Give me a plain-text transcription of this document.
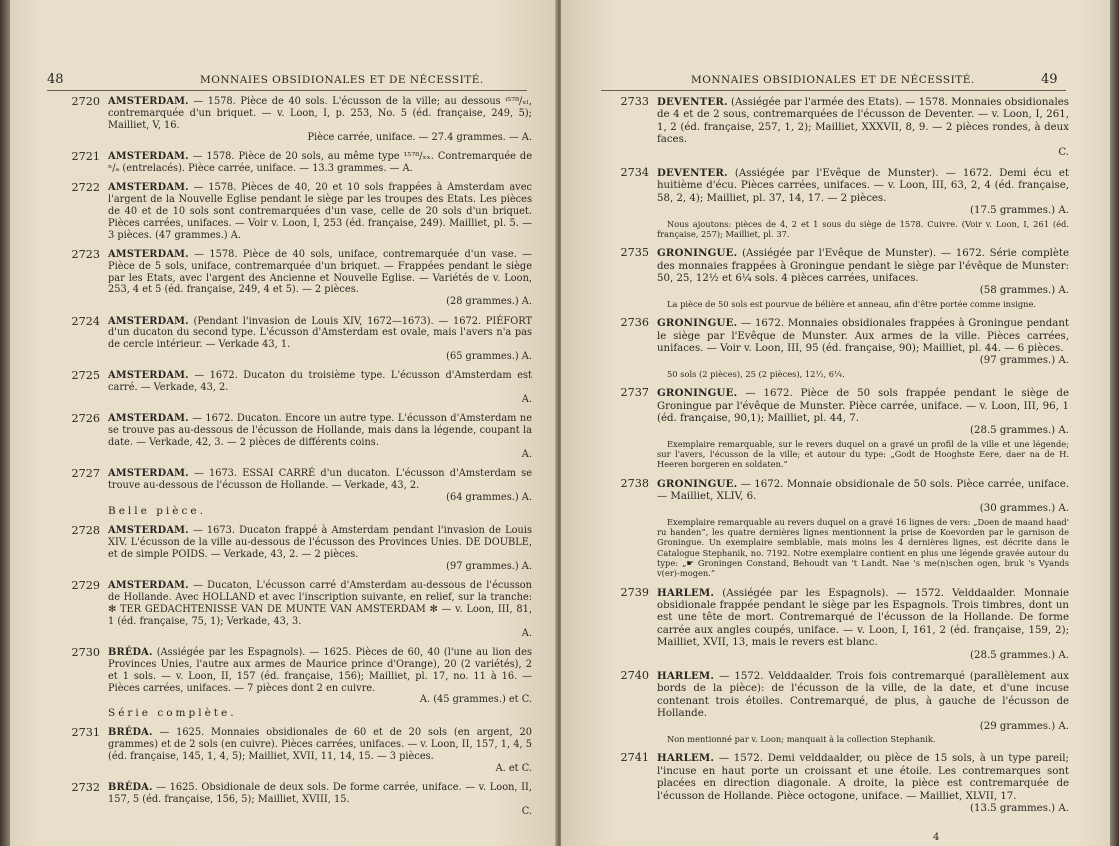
48	MONNAIES OBSIDIONALES ET DE NÉCESSITÉ.
2720 AMSTERDAM. — 1578. Pièce de 40 sols. L'écusson de la ville; au dessous ⁱ⁵⁷⁸/ₓₗ, contremarquée d'un briquet. — v. Loon, I, p. 253, No. 5 (éd. française, 249, 5); Mailliet, V, 16.
Pièce carrée, uniface. — 27.4 grammes. — A.
2721 AMSTERDAM. — 1578. Pièce de 20 sols, au même type ¹⁵⁷⁸/ₓₓ. Contremarquée de ⁿ/ₐ (entrelacés). Pièce carrée, uniface. — 13.3 grammes. — A.
2722 AMSTERDAM. — 1578. Pièces de 40, 20 et 10 sols frappées à Amsterdam avec l'argent de la Nouvelle Eglise pendant le siège par les troupes des Etats. Les pièces de 40 et de 10 sols sont contremarquées d'un vase, celle de 20 sols d'un briquet. Pièces carrées, unifaces. — Voir v. Loon, I, 253 (éd. française, 249). Mailliet, pl. 5. — 3 pièces. (47 grammes.) A.
2723 AMSTERDAM. — 1578. Pièce de 40 sols, uniface, contremarquée d'un vase. — Pièce de 5 sols, uniface, contremarquée d'un briquet. — Frappées pendant le siège par les Etats, avec l'argent des Ancienne et Nouvelle Eglise. — Variétés de v. Loon, 253, 4 et 5 (éd. française, 249, 4 et 5). — 2 pièces.
(28 grammes.) A.
2724 AMSTERDAM. (Pendant l'invasion de Louis XIV, 1672—1673). — 1672. PIÉFORT d'un ducaton du second type. L'écusson d'Amsterdam est ovale, mais l'avers n'a pas de cercle intérieur. — Verkade 43, 1.
(65 grammes.) A.
2725 AMSTERDAM. — 1672. Ducaton du troisième type. L'écusson d'Amsterdam est carré. — Verkade, 43, 2.
A.
2726 AMSTERDAM. — 1672. Ducaton. Encore un autre type. L'écusson d'Amsterdam ne se trouve pas au-dessous de l'écusson de Hollande, mais dans la légende, coupant la date. — Verkade, 42, 3. — 2 pièces de différents coins.
A.
2727 AMSTERDAM. — 1673. ESSAI CARRÉ d'un ducaton. L'écusson d'Amsterdam se trouve au-dessous de l'écusson de Hollande. — Verkade, 43, 2.
(64 grammes.) A.
Belle pièce.
2728 AMSTERDAM. — 1673. Ducaton frappé à Amsterdam pendant l'invasion de Louis XIV. L'écusson de la ville au-dessous de l'écusson des Provinces Unies. DE DOUBLE, et de simple POIDS. — Verkade, 43, 2. — 2 pièces.
(97 grammes.) A.
2729 AMSTERDAM. — Ducaton, L'écusson carré d'Amsterdam au-dessous de l'écusson de Hollande. Avec HOLLAND et avec l'inscription suivante, en relief, sur la tranche: ✻ TER GEDACHTENISSE VAN DE MUNTE VAN AMSTERDAM ✻ — v. Loon, III, 81, 1 (éd. française, 75, 1); Verkade, 43, 3.
A.
2730 BRÉDA. (Assiégée par les Espagnols). — 1625. Pièces de 60, 40 (l'une au lion des Provinces Unies, l'autre aux armes de Maurice prince d'Orange), 20 (2 variétés), 2 et 1 sols. — v. Loon, II, 157 (éd. française, 156); Mailliet, pl. 17, no. 11 à 16. — Pièces carrées, unifaces. — 7 pièces dont 2 en cuivre.
A. (45 grammes.) et C.
Série complète.
2731 BRÉDA. — 1625. Monnaies obsidionales de 60 et de 20 sols (en argent, 20 grammes) et de 2 sols (en cuivre). Pièces carrées, unifaces. — v. Loon, II, 157, 1, 4, 5 (éd. française, 145, 1, 4, 5); Mailliet, XVII, 11, 14, 15. — 3 pièces.
A. et C.
2732 BRÉDA. — 1625. Obsidionale de deux sols. De forme carrée, uniface. — v. Loon, II, 157, 5 (éd. française, 156, 5); Mailliet, XVIII, 15.
C.
MONNAIES OBSIDIONALES ET DE NÉCESSITÉ.	49
2733 DEVENTER. (Assiégée par l'armée des Etats). — 1578. Monnaies obsidionales de 4 et de 2 sous, contremarquées de l'écusson de Deventer. — v. Loon, I, 261, 1, 2 (éd. française, 257, 1, 2); Mailliet, XXXVII, 8, 9. — 2 pièces rondes, à deux faces.
C.
2734 DEVENTER. (Assiégée par l'Evêque de Munster). — 1672. Demi écu et huitième d'écu. Pièces carrées, unifaces. — v. Loon, III, 63, 2, 4 (éd. française, 58, 2, 4); Mailliet, pl. 37, 14, 17. — 2 pièces.
(17.5 grammes.) A.
Nous ajoutons: pièces de 4, 2 et 1 sous du siège de 1578. Cuivre. (Voir v. Loon, I, 261 (éd. française, 257); Mailliet, pl. 37.
2735 GRONINGUE. (Assiégée par l'Evêque de Munster). — 1672. Série complète des monnaies frappées à Groningue pendant le siège par l'évêque de Munster: 50, 25, 12½ et 6¼ sols. 4 pièces carrées, unifaces.
(58 grammes.) A.
La pièce de 50 sols est pourvue de bélière et anneau, afin d'être portée comme insigne.
2736 GRONINGUE. — 1672. Monnaies obsidionales frappées à Groningue pendant le siège par l'Evêque de Munster. Aux armes de la ville. Pièces carrées, unifaces. — Voir v. Loon, III, 95 (éd. française, 90); Mailliet, pl. 44. — 6 pièces.
(97 grammes.) A.
50 sols (2 pièces), 25 (2 pièces), 12½, 6¼.
2737 GRONINGUE. — 1672. Pièce de 50 sols frappée pendant le siège de Groningue par l'évêque de Munster. Pièce carrée, uniface. — v. Loon, III, 96, 1 (éd. française, 90,1); Mailliet, pl. 44, 7.
(28.5 grammes.) A.
Exemplaire remarquable, sur le revers duquel on a gravé un profil de la ville et une légende; sur l'avers, l'écusson de la ville; et autour du type: „Godt de Hooghste Eere, daer na de H. Heeren borgeren en soldaten.”
2738 GRONINGUE. — 1672. Monnaie obsidionale de 50 sols. Pièce carrée, uniface. — Mailliet, XLIV, 6.
(30 grammes.) A.
Exemplaire remarquable au revers duquel on a gravé 16 lignes de vers: „Doen de maand haad' ru handen”, les quatre dernières lignes mentionnent la prise de Koevorden par le garnison de Groningue. Un exemplaire semblable, mais moins les 4 dernières lignes, est décrite dans le Catalogue Stephanik, no. 7192. Notre exemplaire contient en plus une légende gravée autour du type: „☛ Groningen Constand, Behoudt van 't Landt. Nae 's me(n)schen ogen, bruk 's Vyands v(er)-mogen.”
2739 HARLEM. (Assiégée par les Espagnols). — 1572. Velddaalder. Monnaie obsidionale frappée pendant le siège par les Espagnols. Trois timbres, dont un est une tête de mort. Contremarqué de l'écusson de la Hollande. De forme carrée aux angles coupés, uniface. — v. Loon, I, 161, 2 (éd. française, 159, 2); Mailliet, XVII, 13, mais le revers est blanc.
(28.5 grammes.) A.
2740 HARLEM. — 1572. Velddaalder. Trois fois contremarqué (parallèlement aux bords de la pièce): de l'écusson de la ville, de la date, et d'une incuse contenant trois étoiles. Contremarqué, de plus, à gauche de l'écusson de Hollande.
(29 grammes.) A.
Non mentionné par v. Loon; manquait à la collection Stephanik.
2741 HARLEM. — 1572. Demi velddaalder, ou pièce de 15 sols, à un type pareil; l'incuse en haut porte un croissant et une étoile. Les contremarques sont placées en direction diagonale. A droite, la pièce est contremarquée de l'écusson de Hollande. Pièce octogone, uniface. — Mailliet, XLVII, 17.
(13.5 grammes.) A.
4
